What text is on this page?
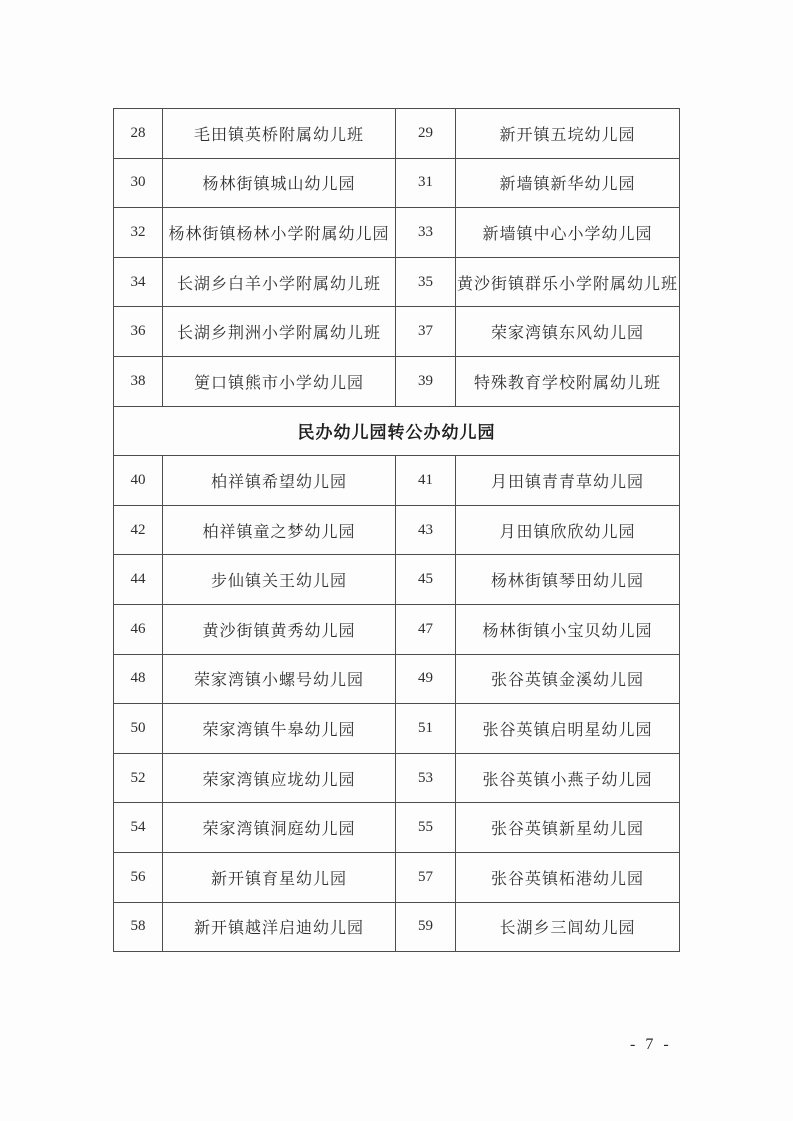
28	毛田镇英桥附属幼儿班	29	新开镇五垸幼儿园
30	杨林街镇城山幼儿园	31	新墙镇新华幼儿园
32	杨林街镇杨林小学附属幼儿园	33	新墙镇中心小学幼儿园
34	长湖乡白羊小学附属幼儿班	35	黄沙街镇群乐小学附属幼儿班
36	长湖乡荆洲小学附属幼儿班	37	荣家湾镇东风幼儿园
38	筻口镇熊市小学幼儿园	39	特殊教育学校附属幼儿班
民办幼儿园转公办幼儿园
40	柏祥镇希望幼儿园	41	月田镇青青草幼儿园
42	柏祥镇童之梦幼儿园	43	月田镇欣欣幼儿园
44	步仙镇关王幼儿园	45	杨林街镇琴田幼儿园
46	黄沙街镇黄秀幼儿园	47	杨林街镇小宝贝幼儿园
48	荣家湾镇小螺号幼儿园	49	张谷英镇金溪幼儿园
50	荣家湾镇牛皋幼儿园	51	张谷英镇启明星幼儿园
52	荣家湾镇应垅幼儿园	53	张谷英镇小燕子幼儿园
54	荣家湾镇洞庭幼儿园	55	张谷英镇新星幼儿园
56	新开镇育星幼儿园	57	张谷英镇柘港幼儿园
58	新开镇越洋启迪幼儿园	59	长湖乡三闾幼儿园
- 7 -
